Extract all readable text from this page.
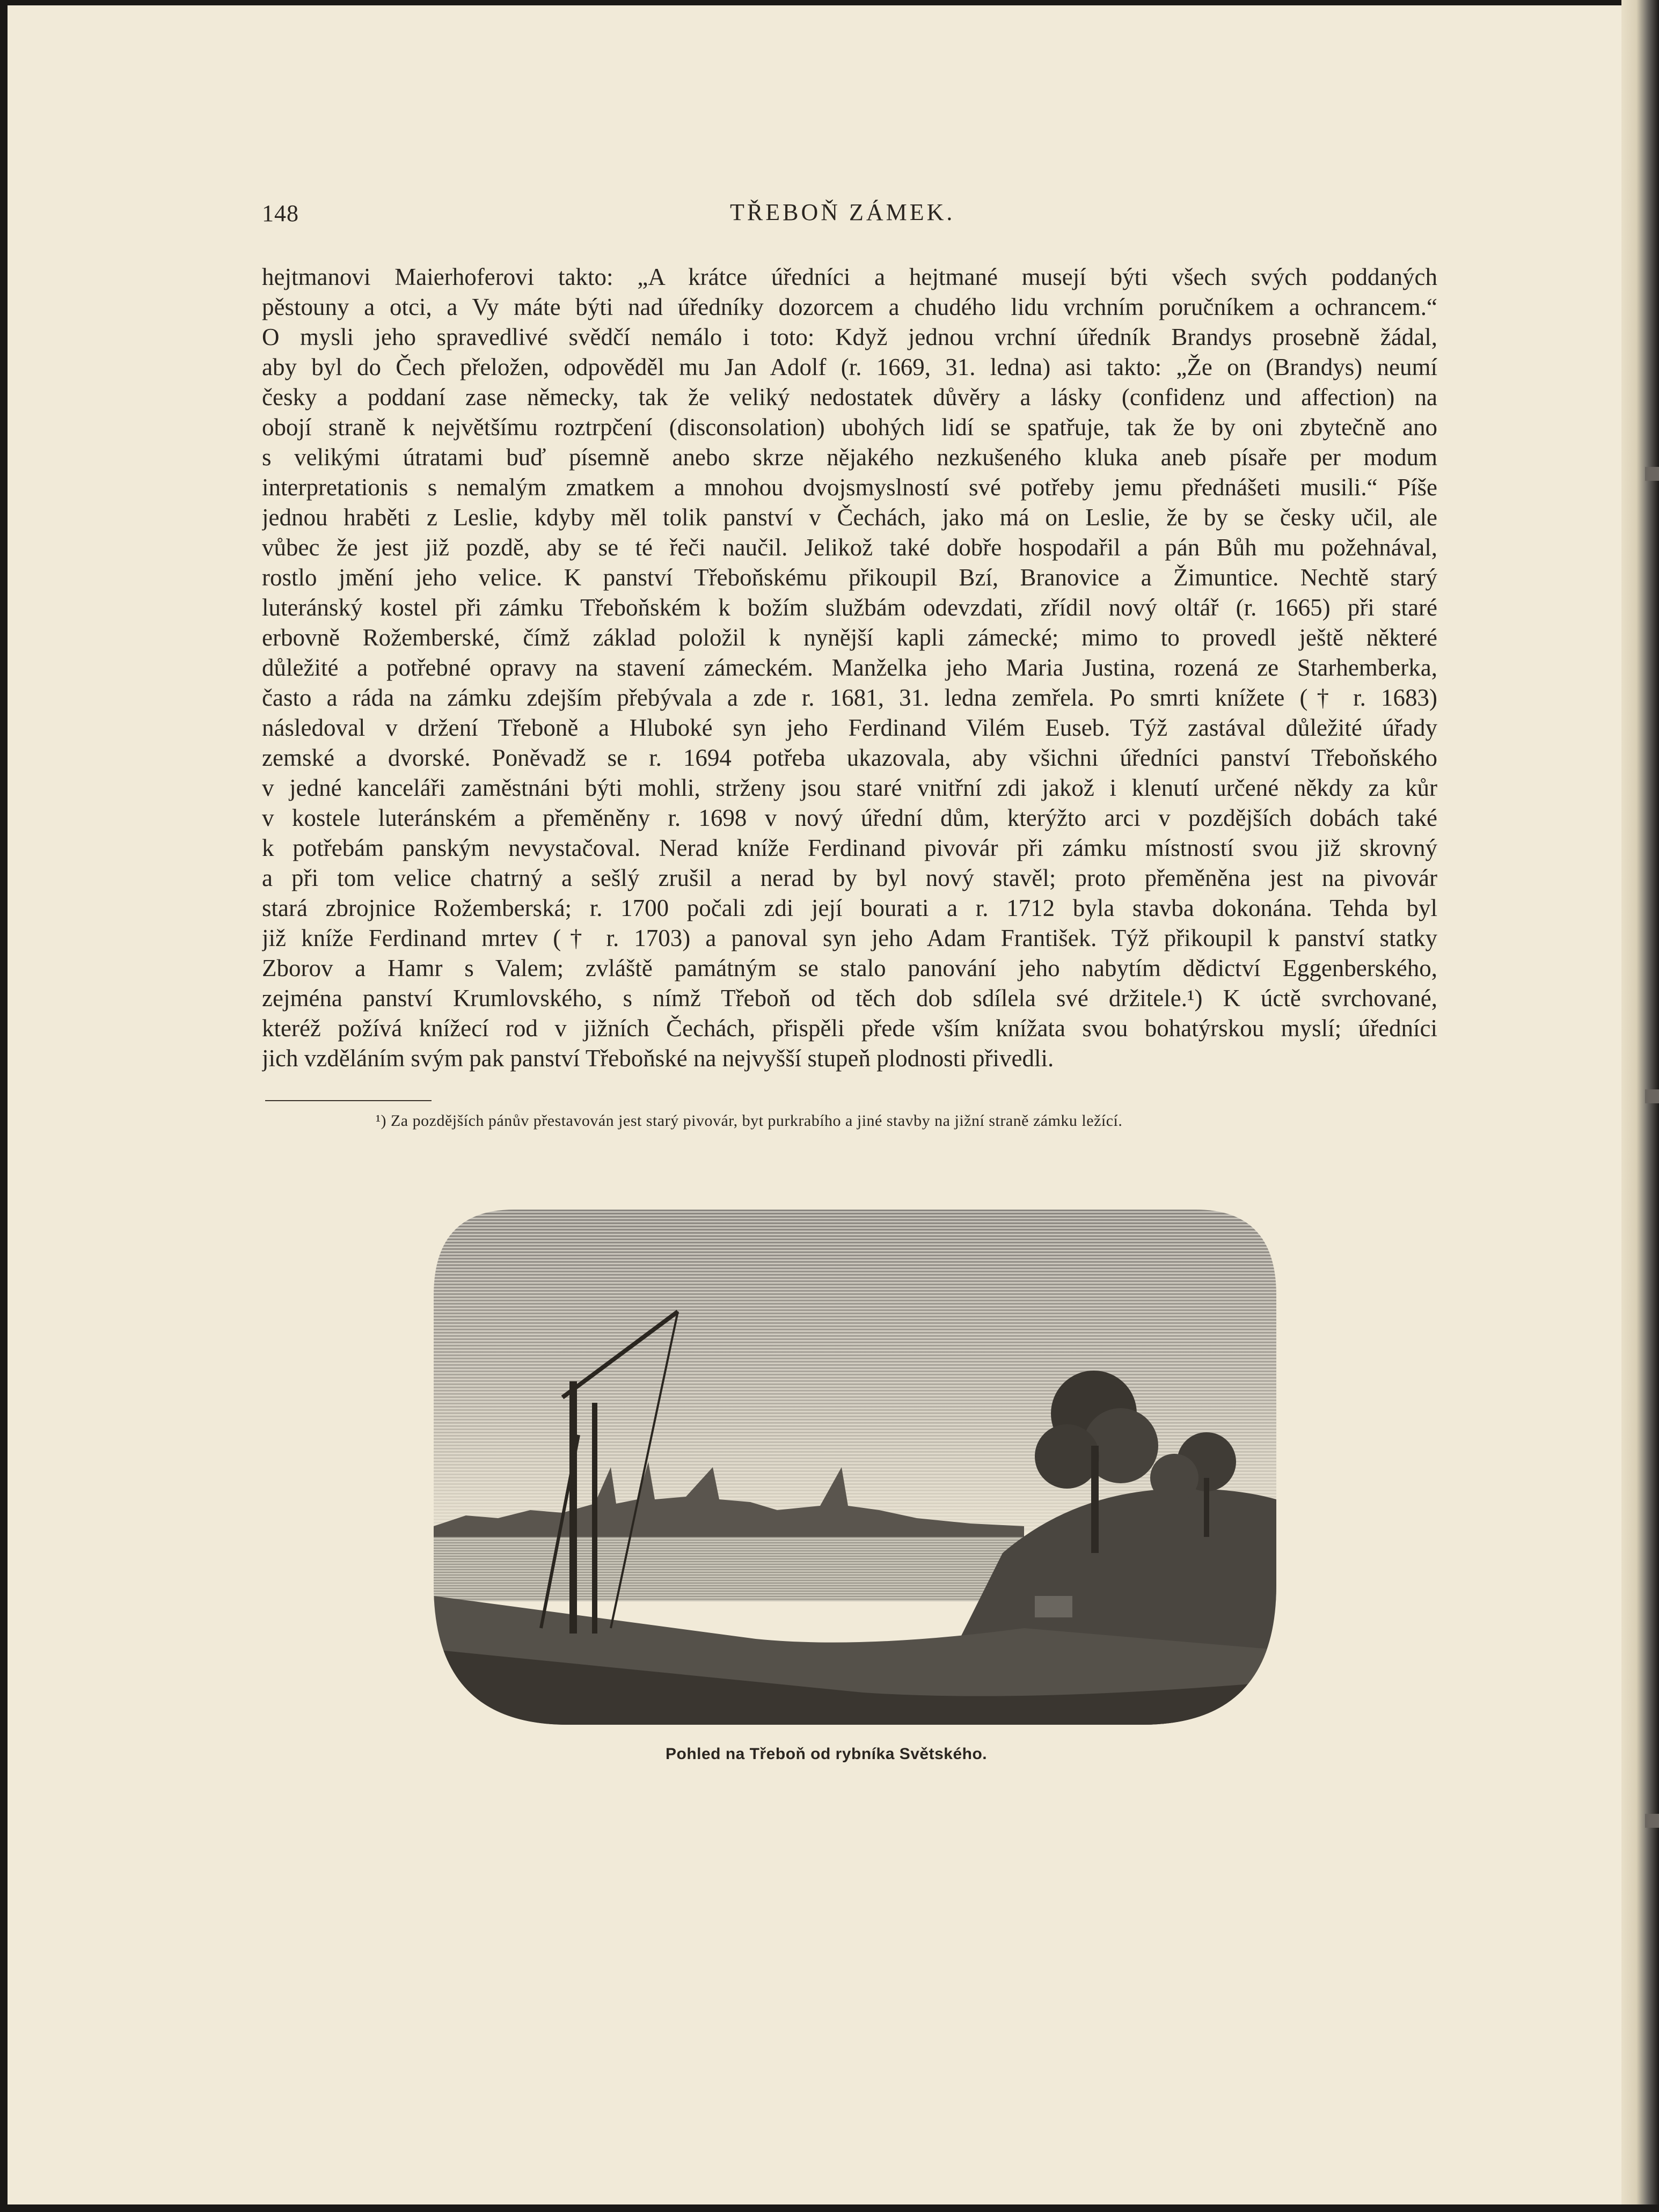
148	TŘEBOŇ ZÁMEK.
hejtmanovi Maierhoferovi takto: „A krátce úředníci a hejtmané musejí býti všech svých poddaných
pěstouny a otci, a Vy máte býti nad úředníky dozorcem a chudého lidu vrchním poručníkem a ochrancem.“
O mysli jeho spravedlivé svědčí nemálo i toto: Když jednou vrchní úředník Brandys prosebně žádal,
aby byl do Čech přeložen, odpověděl mu Jan Adolf (r. 1669, 31. ledna) asi takto: „Že on (Brandys) neumí
česky a poddaní zase německy, tak že veliký nedostatek důvěry a lásky (confidenz und affection) na
obojí straně k největšímu roztrpčení (disconsolation) ubohých lidí se spatřuje, tak že by oni zbytečně ano
s velikými útratami buď písemně anebo skrze nějakého nezkušeného kluka aneb písaře per modum
interpretationis s nemalým zmatkem a mnohou dvojsmyslností své potřeby jemu přednášeti musili.“ Píše
jednou hraběti z Leslie, kdyby měl tolik panství v Čechách, jako má on Leslie, že by se česky učil, ale
vůbec že jest již pozdě, aby se té řeči naučil. Jelikož také dobře hospodařil a pán Bůh mu požehnával,
rostlo jmění jeho velice. K panství Třeboňskému přikoupil Bzí, Branovice a Žimuntice. Nechtě starý
luteránský kostel při zámku Třeboňském k božím službám odevzdati, zřídil nový oltář (r. 1665) při staré
erbovně Rožemberské, čímž základ položil k nynější kapli zámecké; mimo to provedl ještě některé
důležité a potřebné opravy na stavení zámeckém. Manželka jeho Maria Justina, rozená ze Starhemberka,
často a ráda na zámku zdejším přebývala a zde r. 1681, 31. ledna zemřela. Po smrti knížete († r. 1683)
následoval v držení Třeboně a Hluboké syn jeho Ferdinand Vilém Euseb. Týž zastával důležité úřady
zemské a dvorské. Poněvadž se r. 1694 potřeba ukazovala, aby všichni úředníci panství Třeboňského
v jedné kanceláři zaměstnáni býti mohli, strženy jsou staré vnitřní zdi jakož i klenutí určené někdy za kůr
v kostele luteránském a přeměněny r. 1698 v nový úřední dům, kterýžto arci v pozdějších dobách také
k potřebám panským nevystačoval. Nerad kníže Ferdinand pivovár při zámku místností svou již skrovný
a při tom velice chatrný a sešlý zrušil a nerad by byl nový stavěl; proto přeměněna jest na pivovár
stará zbrojnice Rožemberská; r. 1700 počali zdi její bourati a r. 1712 byla stavba dokonána. Tehda byl
již kníže Ferdinand mrtev († r. 1703) a panoval syn jeho Adam František. Týž přikoupil k panství statky
Zborov a Hamr s Valem; zvláště památným se stalo panování jeho nabytím dědictví Eggenberského,
zejména panství Krumlovského, s nímž Třeboň od těch dob sdílela své držitele.¹) K úctě svrchované,
kteréž požívá knížecí rod v jižních Čechách, přispěli přede vším knížata svou bohatýrskou myslí; úředníci
jich vzděláním svým pak panství Třeboňské na nejvyšší stupeň plodnosti přivedli.
¹) Za pozdějších pánův přestavován jest starý pivovár, byt purkrabího a jiné stavby na jižní straně zámku ležící.
Pohled na Třeboň od rybníka Světského.
